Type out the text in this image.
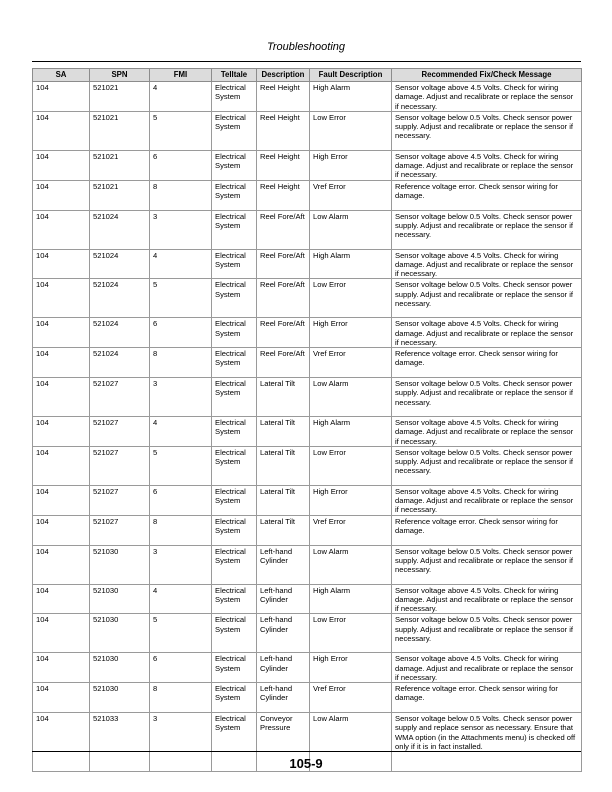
Troubleshooting
SA	SPN	FMI	Telltale	Description	Fault Description	Recommended Fix/Check Message
104	521021	4	Electrical System	Reel Height	High Alarm	Sensor voltage above 4.5 Volts. Check for wiring damage. Adjust and recalibrate or replace the sensor if necessary.
104	521021	5	Electrical System	Reel Height	Low Error	Sensor voltage below 0.5 Volts. Check sensor power supply. Adjust and recalibrate or replace the sensor if necessary.
104	521021	6	Electrical System	Reel Height	High Error	Sensor voltage above 4.5 Volts. Check for wiring damage. Adjust and recalibrate or replace the sensor if necessary.
104	521021	8	Electrical System	Reel Height	Vref Error	Reference voltage error. Check sensor wiring for damage.
104	521024	3	Electrical System	Reel Fore/Aft	Low Alarm	Sensor voltage below 0.5 Volts. Check sensor power supply. Adjust and recalibrate or replace the sensor if necessary.
104	521024	4	Electrical System	Reel Fore/Aft	High Alarm	Sensor voltage above 4.5 Volts. Check for wiring damage. Adjust and recalibrate or replace the sensor if necessary.
104	521024	5	Electrical System	Reel Fore/Aft	Low Error	Sensor voltage below 0.5 Volts. Check sensor power supply. Adjust and recalibrate or replace the sensor if necessary.
104	521024	6	Electrical System	Reel Fore/Aft	High Error	Sensor voltage above 4.5 Volts. Check for wiring damage. Adjust and recalibrate or replace the sensor if necessary.
104	521024	8	Electrical System	Reel Fore/Aft	Vref Error	Reference voltage error. Check sensor wiring for damage.
104	521027	3	Electrical System	Lateral Tilt	Low Alarm	Sensor voltage below 0.5 Volts. Check sensor power supply. Adjust and recalibrate or replace the sensor if necessary.
104	521027	4	Electrical System	Lateral Tilt	High Alarm	Sensor voltage above 4.5 Volts. Check for wiring damage. Adjust and recalibrate or replace the sensor if necessary.
104	521027	5	Electrical System	Lateral Tilt	Low Error	Sensor voltage below 0.5 Volts. Check sensor power supply. Adjust and recalibrate or replace the sensor if necessary.
104	521027	6	Electrical System	Lateral Tilt	High Error	Sensor voltage above 4.5 Volts. Check for wiring damage. Adjust and recalibrate or replace the sensor if necessary.
104	521027	8	Electrical System	Lateral Tilt	Vref Error	Reference voltage error. Check sensor wiring for damage.
104	521030	3	Electrical System	Left-hand Cylinder	Low Alarm	Sensor voltage below 0.5 Volts. Check sensor power supply. Adjust and recalibrate or replace the sensor if necessary.
104	521030	4	Electrical System	Left-hand Cylinder	High Alarm	Sensor voltage above 4.5 Volts. Check for wiring damage. Adjust and recalibrate or replace the sensor if necessary.
104	521030	5	Electrical System	Left-hand Cylinder	Low Error	Sensor voltage below 0.5 Volts. Check sensor power supply. Adjust and recalibrate or replace the sensor if necessary.
104	521030	6	Electrical System	Left-hand Cylinder	High Error	Sensor voltage above 4.5 Volts. Check for wiring damage. Adjust and recalibrate or replace the sensor if necessary.
104	521030	8	Electrical System	Left-hand Cylinder	Vref Error	Reference voltage error. Check sensor wiring for damage.
104	521033	3	Electrical System	Conveyor Pressure	Low Alarm	Sensor voltage below 0.5 Volts. Check sensor power supply and replace sensor as necessary. Ensure that WMA option (in the Attachments menu) is checked off only if it is in fact installed.
105-9
